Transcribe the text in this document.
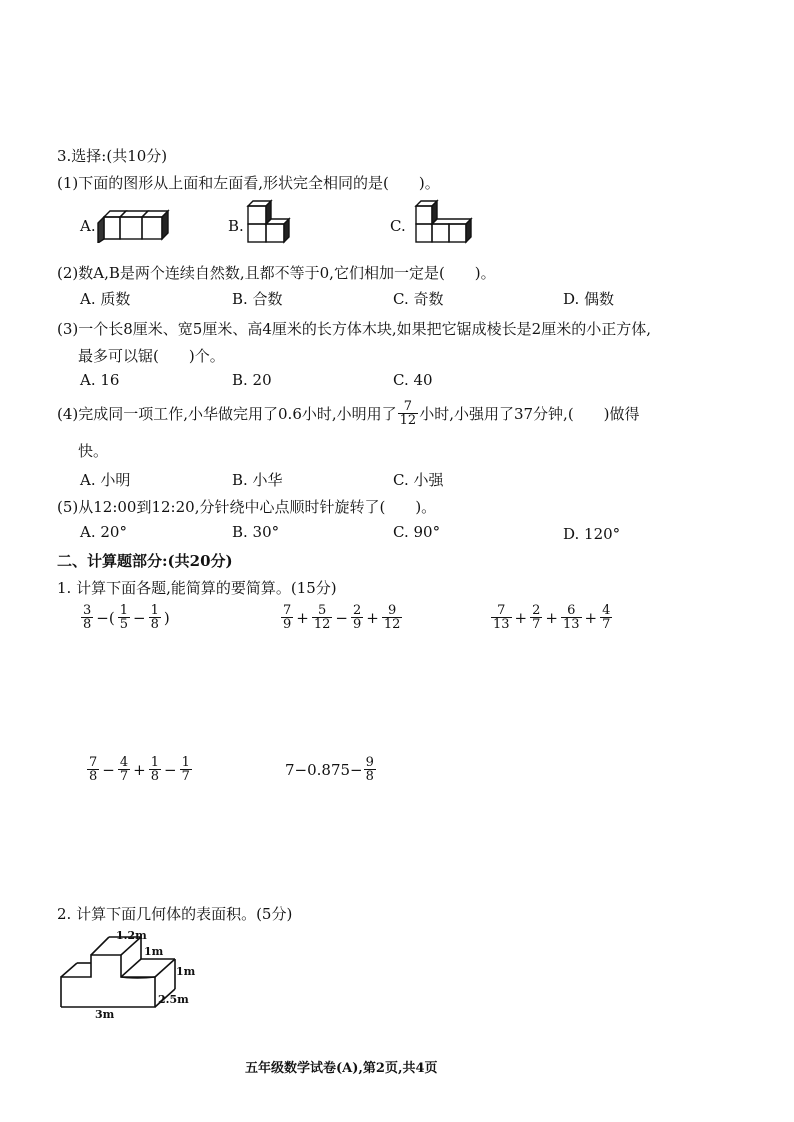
3.选择:(共10分)
(1)下面的图形从上面和左面看,形状完全相同的是(　　)。
A.	B.	C.
(2)数A,B是两个连续自然数,且都不等于0,它们相加一定是(　　)。
A. 质数	B. 合数	C. 奇数	D. 偶数
(3)一个长8厘米、宽5厘米、高4厘米的长方体木块,如果把它锯成棱长是2厘米的小正方体,
最多可以锯(　　)个。
A. 16	B. 20	C. 40
(4)完成同一项工作,小华做完用了0.6小时,小明用了 $\frac{7}{12}$ 小时,小强用了37分钟,(　　)做得
快。
A. 小明	B. 小华	C. 小强
(5)从12:00到12:20,分针绕中心点顺时针旋转了(　　)。
A. 20°	B. 30°	C. 90°	D. 120°
二、计算题部分:(共20分)
1. 计算下面各题,能简算的要简算。(15分)
$\frac{3}{8}$ −( $\frac{1}{5} - \frac{1}{8}$ )	$\frac{7}{9} + \frac{5}{12} - \frac{2}{9} + \frac{9}{12}$	$\frac{7}{13} + \frac{2}{7} + \frac{6}{13} + \frac{4}{7}$
$\frac{7}{8} - \frac{4}{7} + \frac{1}{8} - \frac{1}{7}$	$7-0.875- \frac{9}{8}$
2. 计算下面几何体的表面积。(5分)
1.2m
1m
1m
2.5m
3m
五年级数学试卷(A),第2页,共4页
